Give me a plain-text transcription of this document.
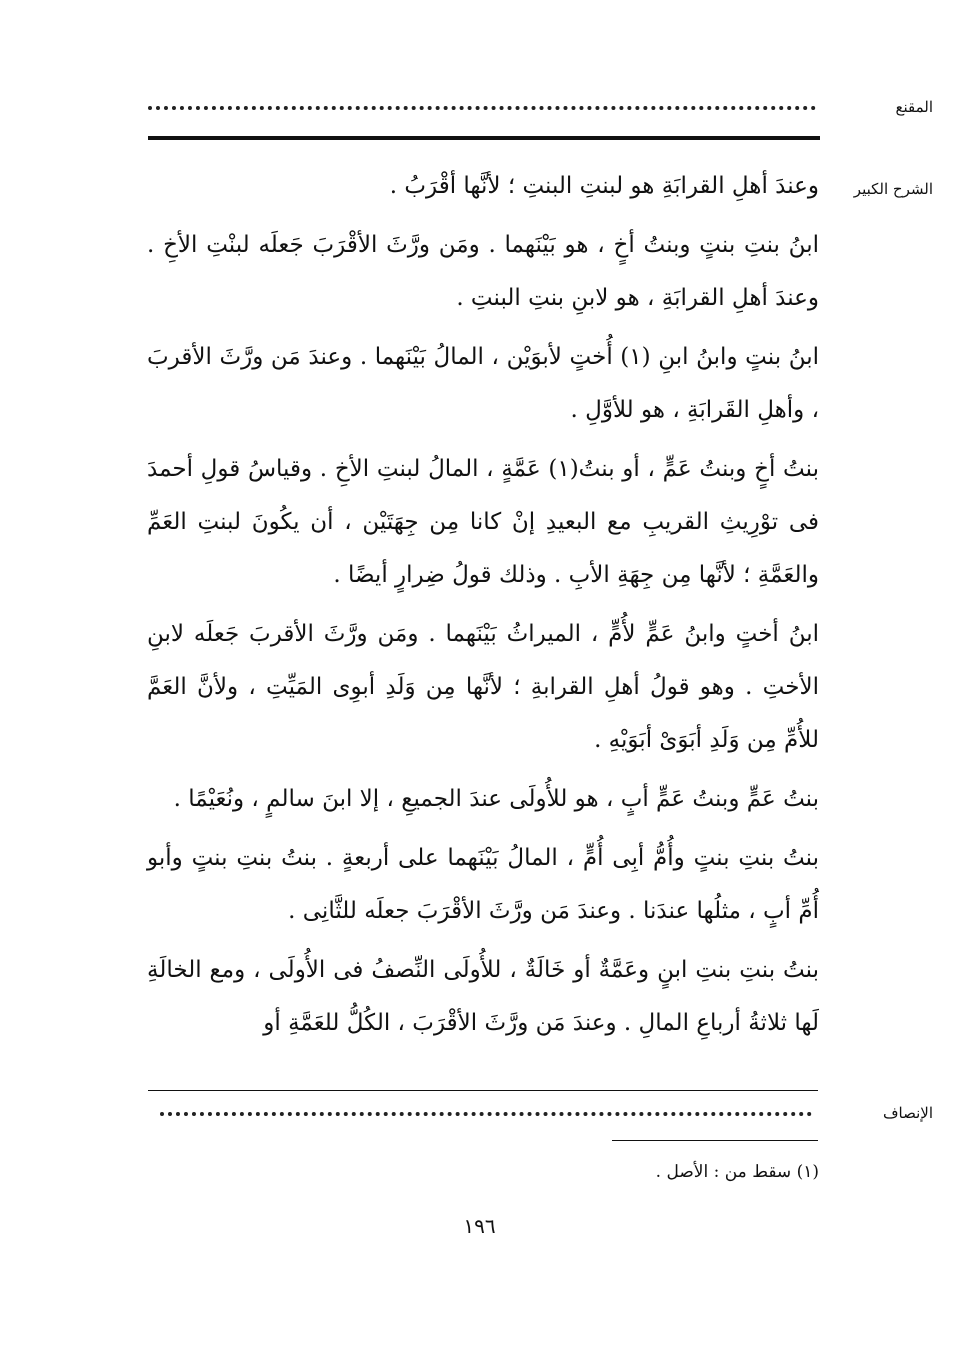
المقنع
الشرح الكبير

وعندَ أهلِ القرابَةِ هو لبنتِ البنتِ ؛ لأنَّها أقْرَبُ .

ابنُ بنتِ بنتٍ وبنتُ أخٍ ، هو بَيْنَهما . ومَن ورَّثَ الأقْرَبَ جَعلَه لبنْتِ الأخِ . وعندَ أهلِ القرابَةِ ، هو لابنِ بنتِ البنتِ .

ابنُ بنتٍ وابنُ ابنِ (١) أُختٍ لأبوَيْن ، المالُ بَيْنَهما . وعندَ مَن ورَّثَ الأقربَ ، وأهلِ القَرابَةِ ، هو للأوَّلِ .

بنتُ أخٍ وبنتُ عَمٍّ ، أو بنتُ(١) عَمَّةٍ ، المالُ لبنتِ الأخِ . وقياسُ قولِ أحمدَ فى توْرِيثِ القريبِ مع البعيدِ إنْ كانا مِن جِهَتَيْن ، أن يكُونَ لبنتِ العَمِّ والعَمَّةِ ؛ لأنَّها مِن جِهَةِ الأبِ . وذلك قولُ ضِرارٍ أيضًا .

ابنُ أختٍ وابنُ عَمٍّ لأُمٍّ ، الميراثُ بَيْنَهما . ومَن ورَّثَ الأقربَ جَعلَه لابنِ الأختِ . وهو قولُ أهلِ القرابةِ ؛ لأنَّها مِن وَلَدِ أبوِى المَيِّتِ ، ولأنَّ العَمَّ للأُمِّ مِن وَلَدِ أبَوَىْ أبَوَيْهِ .

بنتُ عَمٍّ وبنتُ عَمٍّ أبٍ ، هو للأُولَى عندَ الجميعِ ، إلا ابنَ سالمٍ ، ونُعَيْمًا .

بنتُ بنتِ بنتٍ وأُمُّ أبِى أُمٍّ ، المالُ بَيْنَهما على أربعةٍ . بنتُ بنتِ بنتٍ وأبو أُمِّ أبٍ ، مثلُها عندَنا . وعندَ مَن ورَّثَ الأقْرَبَ جعلَه للثَّانِى .

بنتُ بنتِ بنتِ ابنٍ وعَمَّةٌ أو خَالَةٌ ، للأُولَى النِّصفُ فى الأُولَى ، ومع الخالَةِ لَها ثلاثةُ أرباعِ المالِ . وعندَ مَن ورَّثَ الأقْرَبَ ، الكُلُّ للعَمَّةِ أو

الإنصاف
(١) سقط من : الأصل .
١٩٦
